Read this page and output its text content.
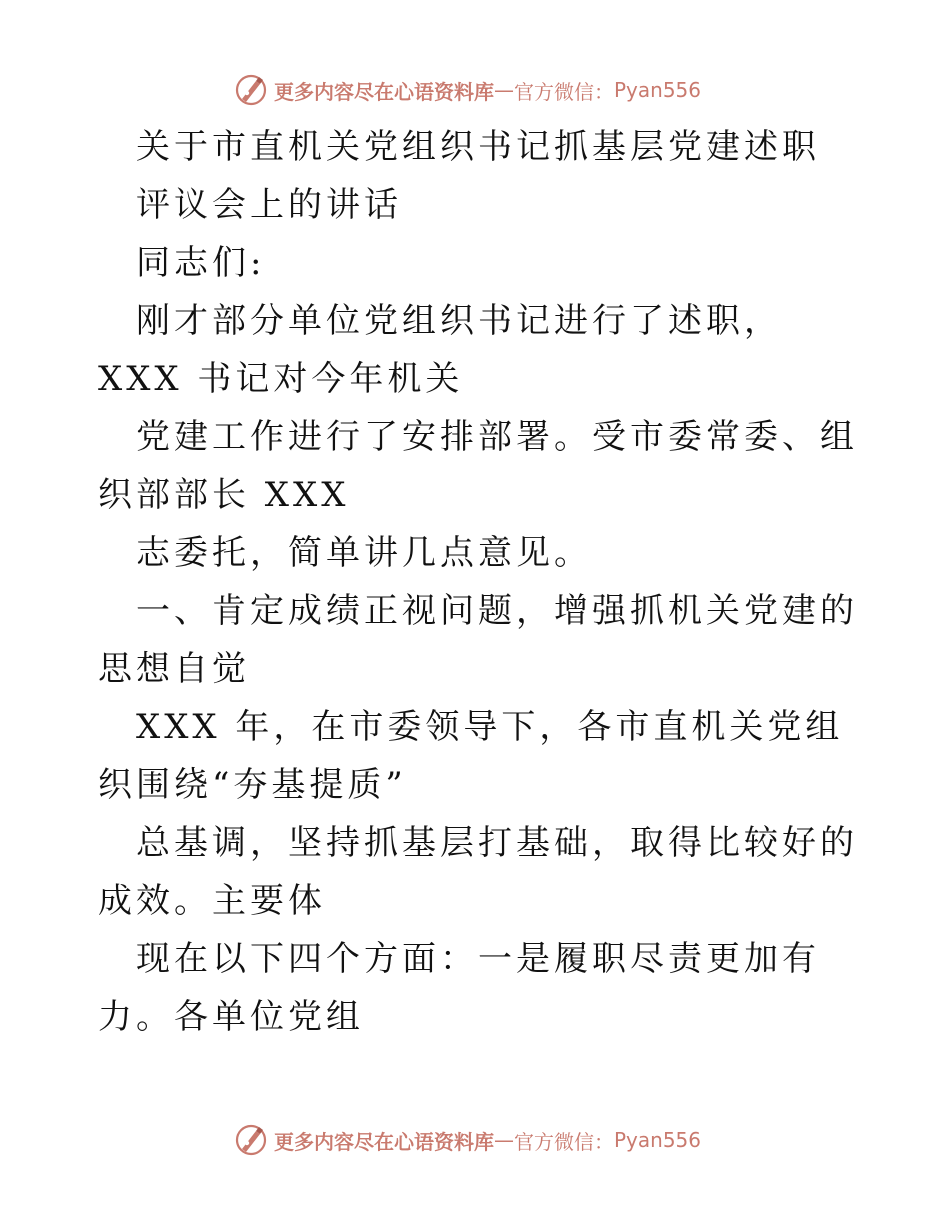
更多内容尽在心语资料库 — 官方微信： Pyan556

关于市直机关党组织书记抓基层党建述职

评议会上的讲话

同志们:

刚才部分单位党组织书记进行了述职，XXX 书记对今年机关

党建工作进行了安排部署。受市委常委、组织部部长 XXX

志委托，简单讲几点意见。

一、肯定成绩正视问题，增强抓机关党建的思想自觉

XXX 年，在市委领导下，各市直机关党组织围绕“夯基提质”

总基调，坚持抓基层打基础，取得比较好的成效。主要体

现在以下四个方面：一是履职尽责更加有力。各单位党组

更多内容尽在心语资料库 — 官方微信： Pyan556
